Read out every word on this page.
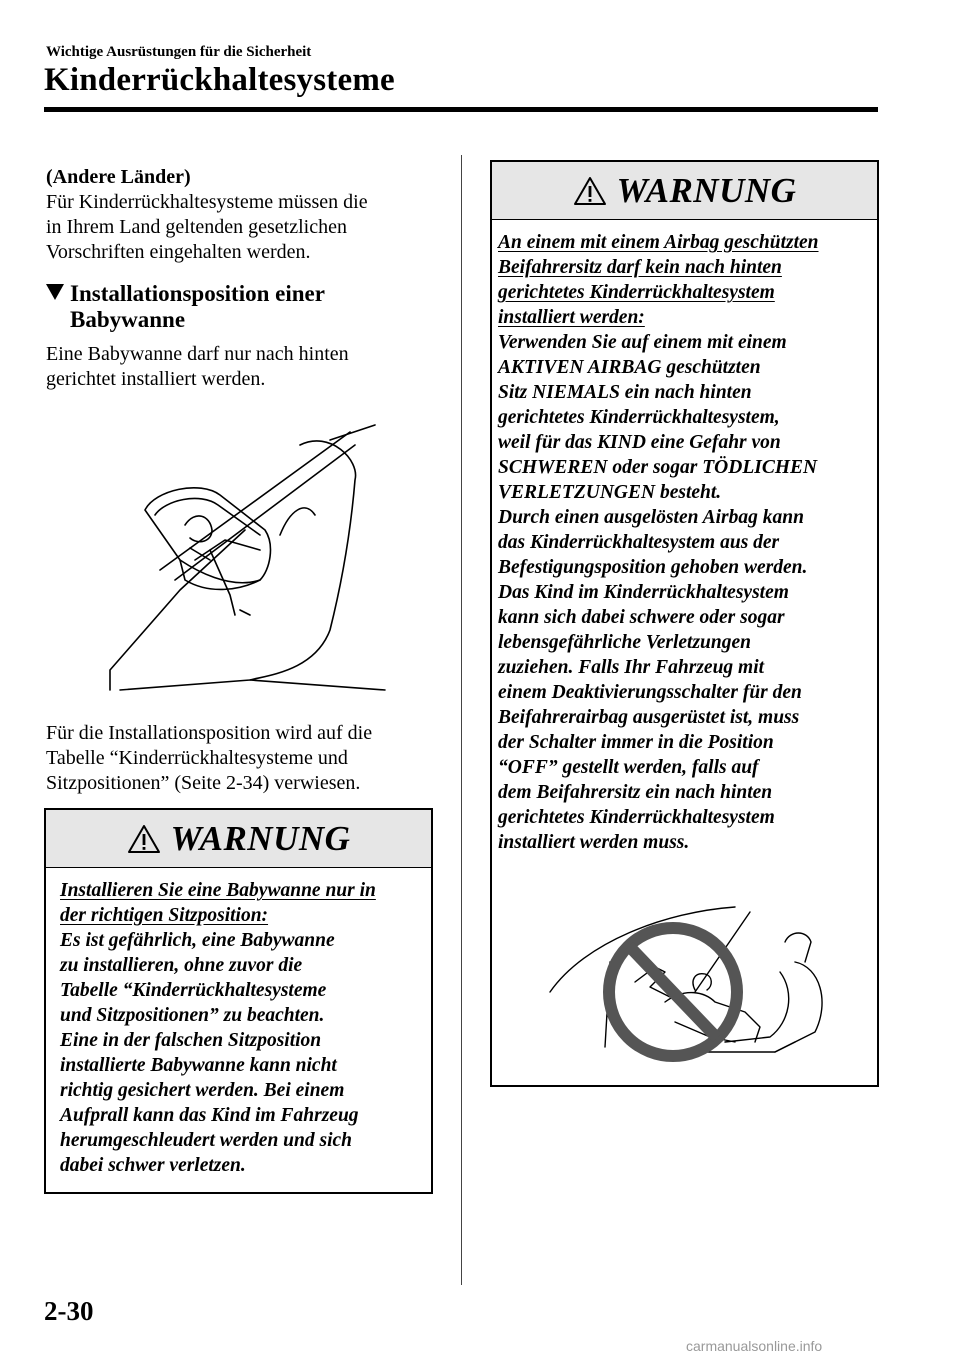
Wichtige Ausrüstungen für die Sicherheit
Kinderrückhaltesysteme
(Andere Länder)
Für Kinderrückhaltesysteme müssen die
in Ihrem Land geltenden gesetzlichen
Vorschriften eingehalten werden.
Installationsposition einer
Babywanne
Eine Babywanne darf nur nach hinten
gerichtet installiert werden.
Für die Installationsposition wird auf die
Tabelle “Kinderrückhaltesysteme und
Sitzpositionen” (Seite 2-34) verwiesen.
WARNUNG

Installieren Sie eine Babywanne nur in

der richtigen Sitzposition:

Es ist gefährlich, eine Babywanne

zu installieren, ohne zuvor die

Tabelle “Kinderrückhaltesysteme

und Sitzpositionen” zu beachten.

Eine in der falschen Sitzposition

installierte Babywanne kann nicht

richtig gesichert werden. Bei einem

Aufprall kann das Kind im Fahrzeug

herumgeschleudert werden und sich

dabei schwer verletzen.

WARNUNG

An einem mit einem Airbag geschützten

Beifahrersitz darf kein nach hinten

gerichtetes Kinderrückhaltesystem

installiert werden:

Verwenden Sie auf einem mit einem

AKTIVEN AIRBAG geschützten

Sitz NIEMALS ein nach hinten

gerichtetes Kinderrückhaltesystem,

weil für das KIND eine Gefahr von

SCHWEREN oder sogar TÖDLICHEN

VERLETZUNGEN besteht.

Durch einen ausgelösten Airbag kann

das Kinderrückhaltesystem aus der

Befestigungsposition gehoben werden.

Das Kind im Kinderrückhaltesystem

kann sich dabei schwere oder sogar

lebensgefährliche Verletzungen

zuziehen. Falls Ihr Fahrzeug mit

einem Deaktivierungsschalter für den

Beifahrerairbag ausgerüstet ist, muss

der Schalter immer in die Position

“OFF” gestellt werden, falls auf

dem Beifahrersitz ein nach hinten

gerichtetes Kinderrückhaltesystem

installiert werden muss.

2-30
carmanualsonline.info
